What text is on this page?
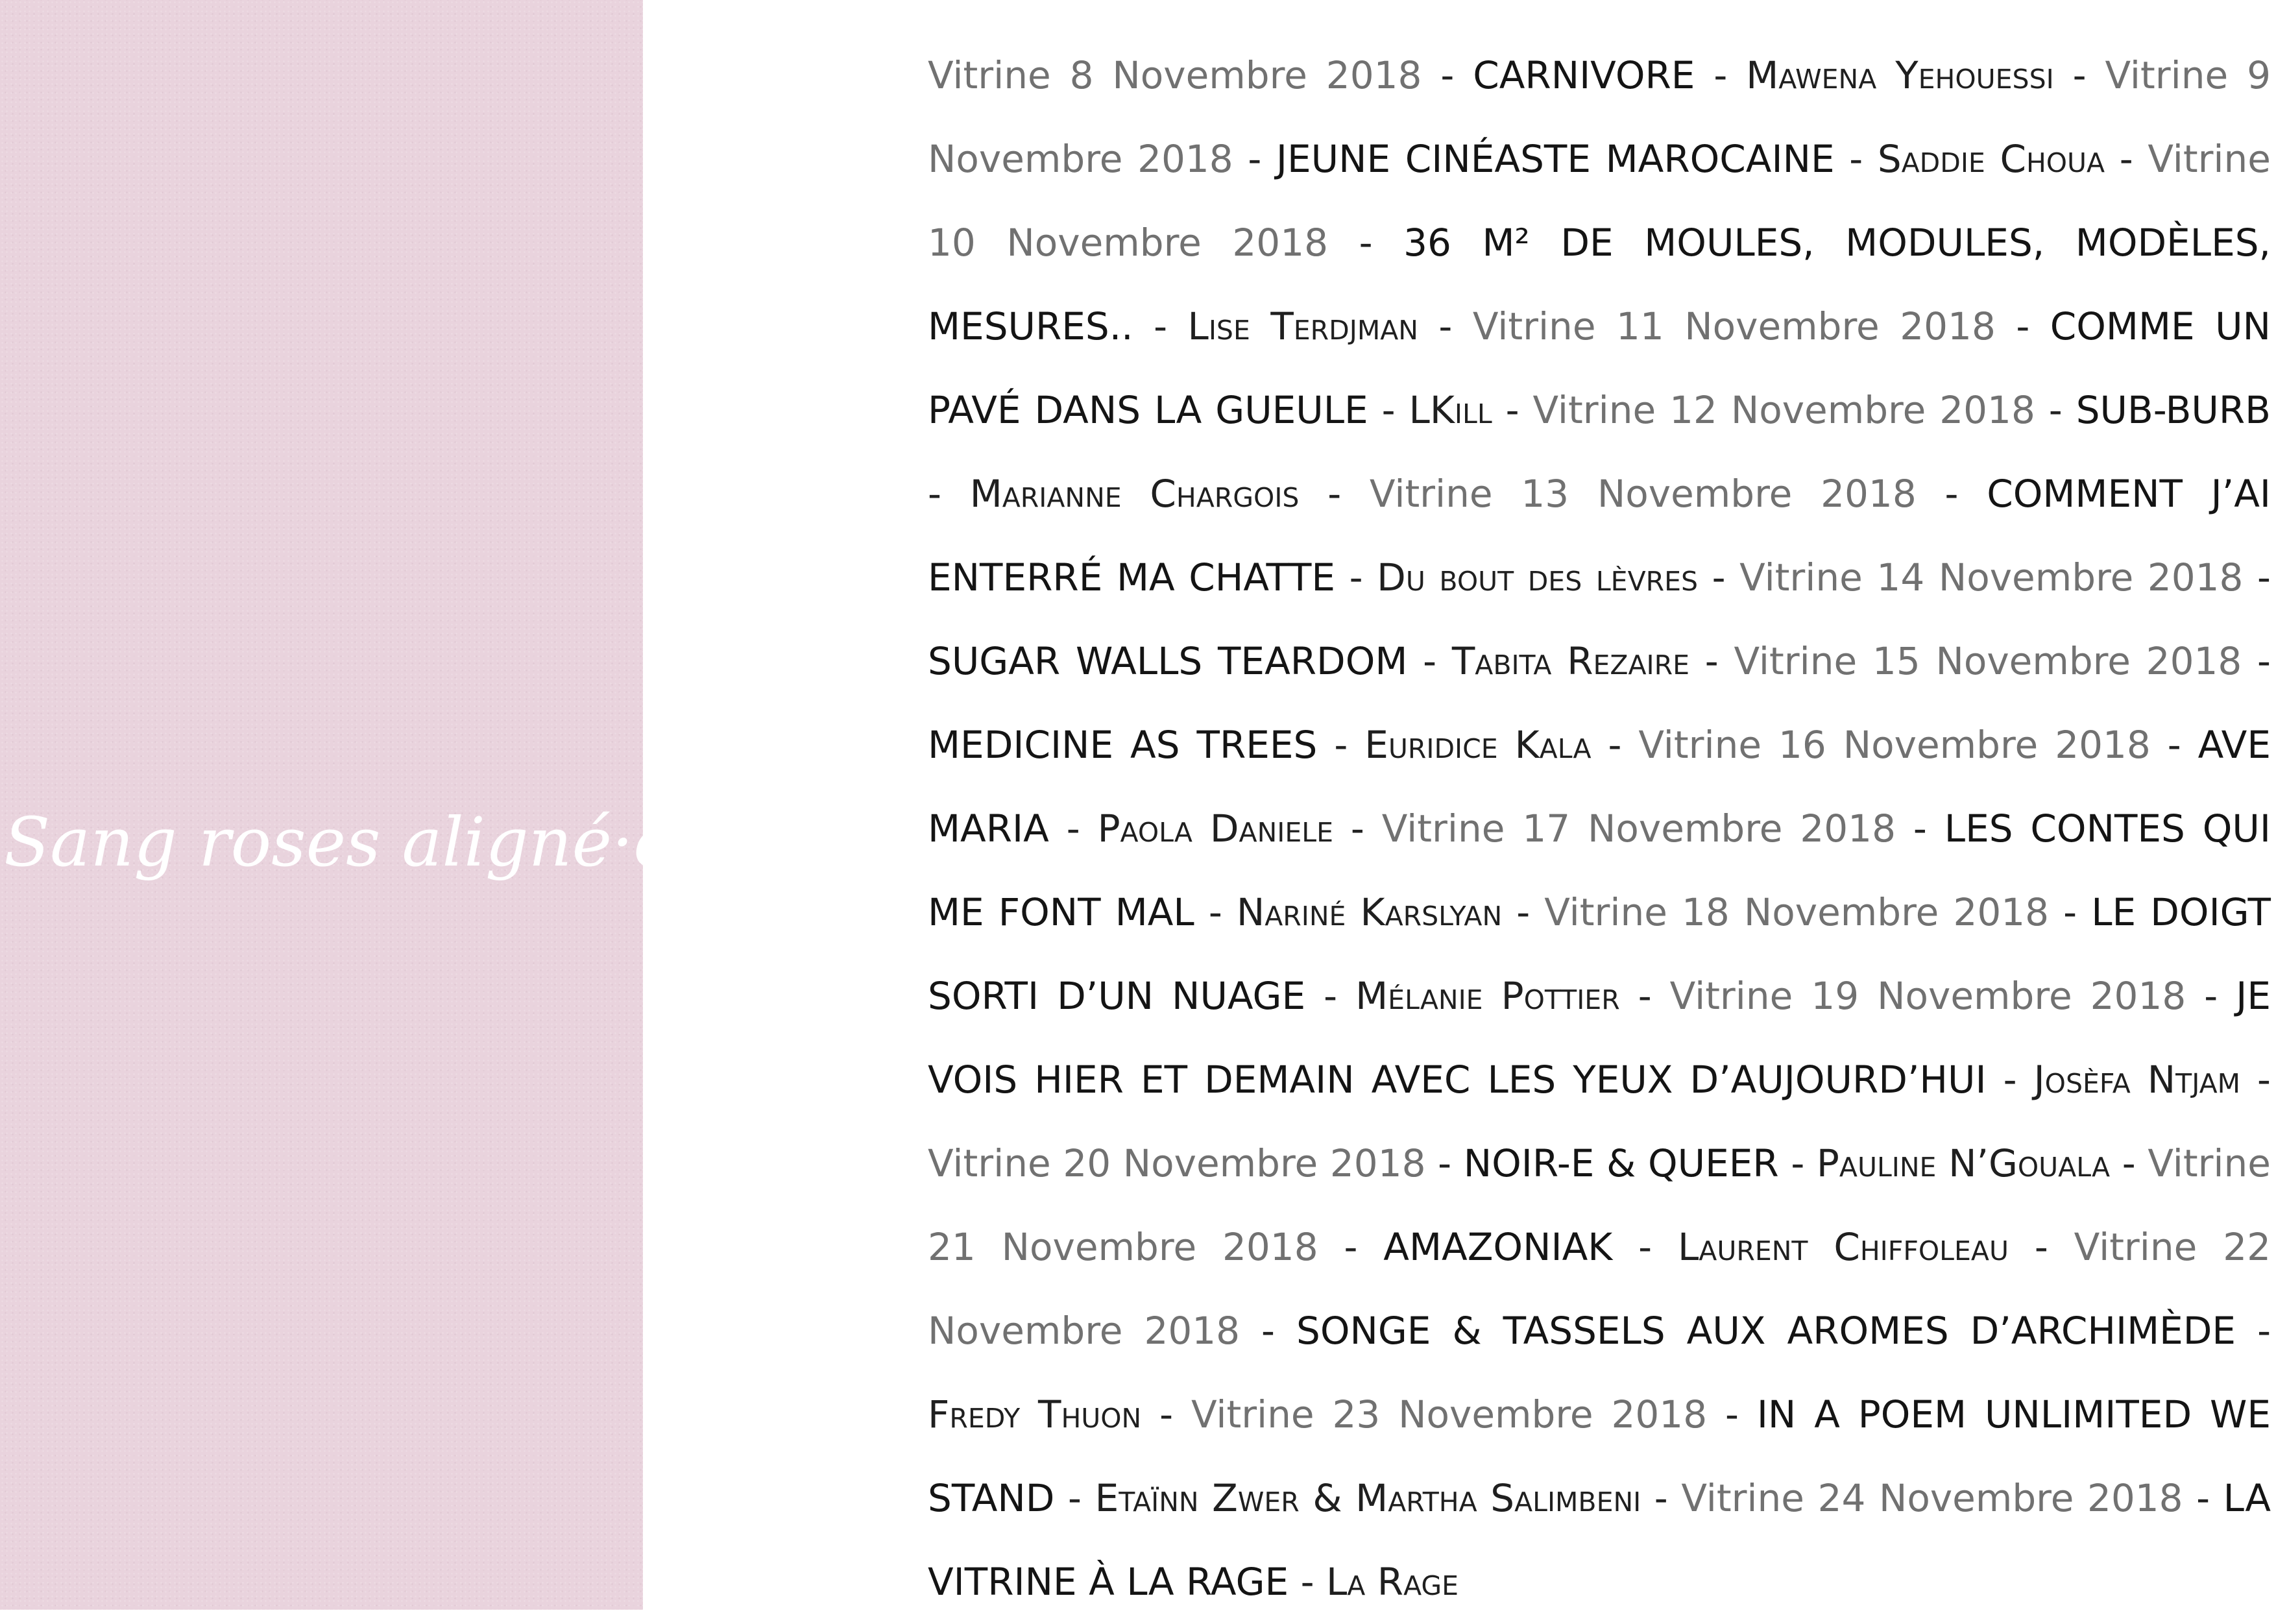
Sang roses aligné·e·s

Vitrine 8 Novembre 2018 - CARNIVORE - Mawena Yehouessi - Vitrine 9 Novembre 2018 - JEUNE CINÉASTE MAROCAINE - Saddie Choua - Vitrine 10 Novembre 2018 - 36 M² DE MOULES, MODULES, MODÈLES, MESURES.. - Lise Terdjman - Vitrine 11 Novembre 2018 - COMME UN PAVÉ DANS LA GUEULE - LKill - Vitrine 12 Novembre 2018 - SUB-BURB - Marianne Chargois - Vitrine 13 Novembre 2018 - COMMENT J’AI ENTERRÉ MA CHATTE - Du bout des lèvres - Vitrine 14 Novembre 2018 - SUGAR WALLS TEARDOM - Tabita Rezaire - Vitrine 15 Novembre 2018 - MEDICINE AS TREES - Euridice Kala - Vitrine 16 Novembre 2018 - AVE MARIA - Paola Daniele - Vitrine 17 Novembre 2018 - LES CONTES QUI ME FONT MAL - Nariné Karslyan - Vitrine 18 Novembre 2018 - LE DOIGT SORTI D’UN NUAGE - Mélanie Pottier - Vitrine 19 Novembre 2018 - JE VOIS HIER ET DEMAIN AVEC LES YEUX D’AUJOURD’HUI - Josèfa Ntjam - Vitrine 20 Novembre 2018 - NOIR-E & QUEER - Pauline N’Gouala - Vitrine 21 Novembre 2018 - AMAZONIAK - Laurent Chiffoleau - Vitrine 22 Novembre 2018 - SONGE & TASSELS AUX AROMES D’ARCHIMÈDE - Fredy Thuon - Vitrine 23 Novembre 2018 - IN A POEM UNLIMITED WE STAND - Etaïnn Zwer & Martha Salimbeni - Vitrine 24 Novembre 2018 - LA VITRINE À LA RAGE - La Rage
